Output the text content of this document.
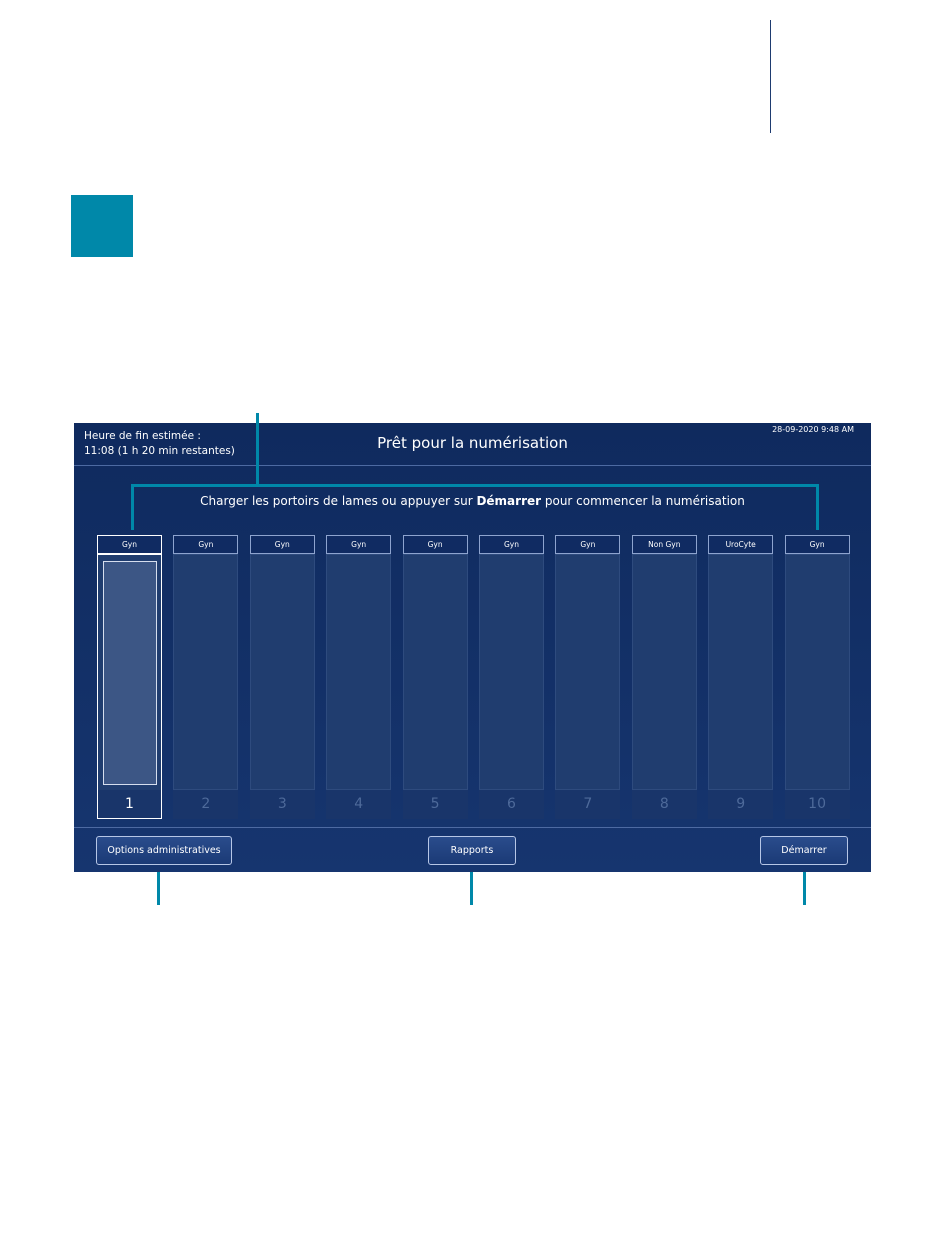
Heure de fin estimée :
11:08 (1 h 20 min restantes)	Prêt pour la numérisation
28-09-2020 9:48 AM
Charger les portoirs de lames ou appuyer sur Démarrer pour commencer la numérisation
Gyn
1
Gyn
2
Gyn
3
Gyn
4
Gyn
5
Gyn
6
Gyn
7
Non Gyn
8
UroCyte
9
Gyn
10
Options administratives	Rapports	Démarrer
